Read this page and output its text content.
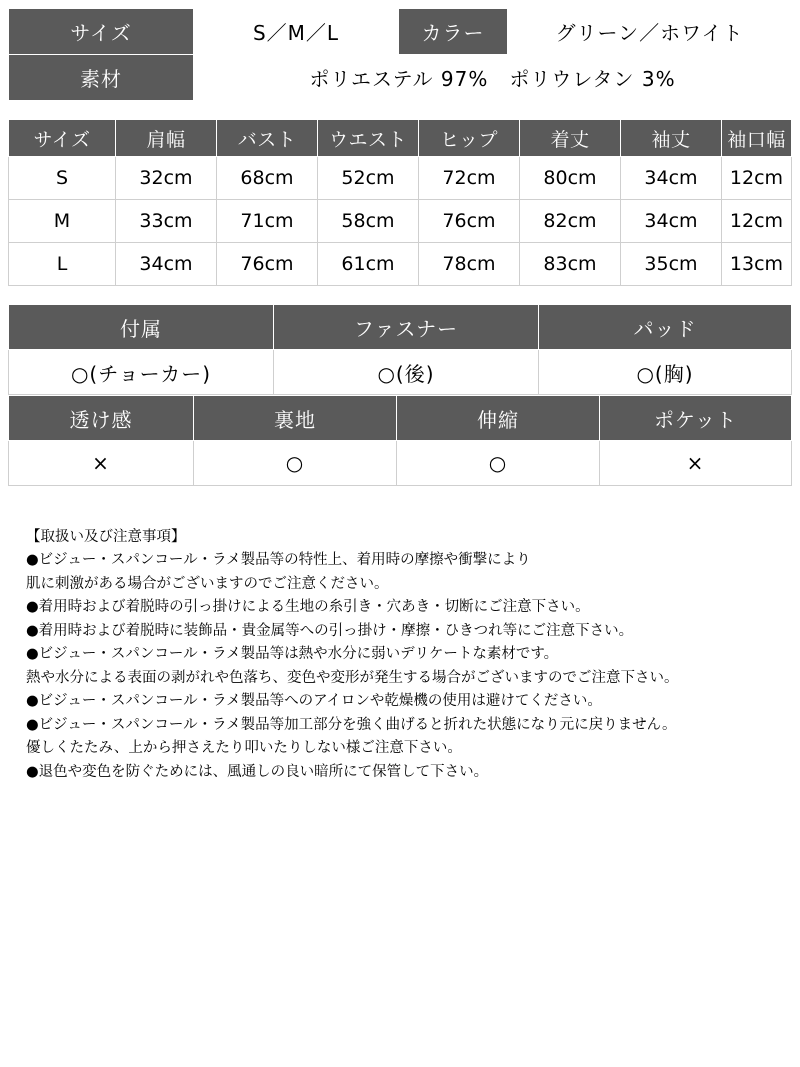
サイズ	S／M／L	カラー	グリーン／ホワイト
素材	ポリエステル 97%　ポリウレタン 3%		
サイズ	肩幅	バスト	ウエスト	ヒップ	着丈	袖丈	袖口幅
S	32cm	68cm	52cm	72cm	80cm	34cm	12cm
M	33cm	71cm	58cm	76cm	82cm	34cm	12cm
L	34cm	76cm	61cm	78cm	83cm	35cm	13cm
付属	ファスナー	パッド
○(チョーカー)	○(後)	○(胸)
透け感	裏地	伸縮	ポケット
×	○	○	×
【取扱い及び注意事項】
●ビジュー・スパンコール・ラメ製品等の特性上、着用時の摩擦や衝撃により
肌に刺激がある場合がございますのでご注意ください。
●着用時および着脱時の引っ掛けによる生地の糸引き・穴あき・切断にご注意下さい。
●着用時および着脱時に装飾品・貴金属等への引っ掛け・摩擦・ひきつれ等にご注意下さい。
●ビジュー・スパンコール・ラメ製品等は熱や水分に弱いデリケートな素材です。
熱や水分による表面の剥がれや色落ち、変色や変形が発生する場合がございますのでご注意下さい。
●ビジュー・スパンコール・ラメ製品等へのアイロンや乾燥機の使用は避けてください。
●ビジュー・スパンコール・ラメ製品等加工部分を強く曲げると折れた状態になり元に戻りません。
優しくたたみ、上から押さえたり叩いたりしない様ご注意下さい。
●退色や変色を防ぐためには、風通しの良い暗所にて保管して下さい。
